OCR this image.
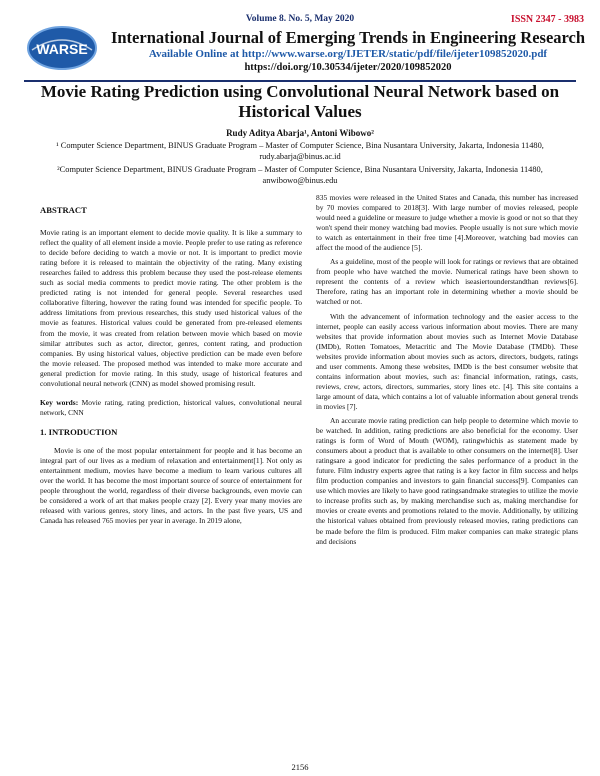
Volume 8. No. 5, May 2020	ISSN 2347 - 3983
WARSE
International Journal of Emerging Trends in Engineering Research
Available Online at http://www.warse.org/IJETER/static/pdf/file/ijeter109852020.pdf
https://doi.org/10.30534/ijeter/2020/109852020
Movie Rating Prediction using Convolutional Neural Network based on Historical Values
Rudy Aditya Abarja¹, Antoni Wibowo²
¹ Computer Science Department, BINUS Graduate Program – Master of Computer Science, Bina Nusantara University, Jakarta, Indonesia 11480, rudy.abarja@binus.ac.id
²Computer Science Department, BINUS Graduate Program – Master of Computer Science, Bina Nusantara University, Jakarta, Indonesia 11480, anwibowo@binus.edu
ABSTRACT

Movie rating is an important element to decide movie quality. It is like a summary to reflect the quality of all element inside a movie. People prefer to use rating as reference to decide before deciding to watch a movie or not. It is important to predict movie rating before it is released to maintain the objectivity of the rating. Many existing researches failed to address this problem because they used the post-release elements such as social media comments to predict movie rating. The other problem is the predicted rating is not intended for general people. Several researches used collaborative filtering, however the rating found was intended for specific people. To address limitations from previous researches, this study used historical values of the movie as features. Historical values could be generated from pre-released elements from the movie, it was created from relation between movie which based on movie similar attributes such as actor, director, genres, content rating, and production companies. By using historical values, objective prediction can be made even before the movie released. The proposed method was intended to make more accurate and general prediction for movie rating. In this study, usage of historical features and convolutional neural network (CNN) as model showed promising result.

Key words: Movie rating, rating prediction, historical values, convolutional neural network, CNN

1. INTRODUCTION

Movie is one of the most popular entertainment for people and it has become an integral part of our lives as a medium of relaxation and entertainment[1]. Not only as entertainment medium, movies have become a medium to learn various cultures all over the world. It has become the most important source of source of entertainment for people throughout the world, regardless of their diverse backgrounds, even movie can be considered a work of art that makes people crazy [2]. Every year many movies are released with various genres, story lines, and actors. In the past five years, US and Canada has released 765 movies per year in average. In 2019 alone,

835 movies were released in the United States and Canada, this number has increased by 70 movies compared to 2018[3]. With large number of movies released, people would need a guideline or measure to judge whether a movie is good or not so that they won't spend their money watching bad movies. People usually is not sure which movie to watch as entertainment in their free time [4].Moreover, watching bad movies can affect the mood of the audience [5].

As a guideline, most of the people will look for ratings or reviews that are obtained from people who have watched the movie. Numerical ratings have been shown to represent the contents of a review which iseasiertounderstandthan reviews[6]. Therefore, rating has an important role in determining whether a movie should be watched or not.

With the advancement of information technology and the easier access to the internet, people can easily access various information about movies. There are many websites that provide information about movies such as Internet Movie Database (IMDb), Rotten Tomatoes, Metacritic and The Movie Database (TMDb). These websites provide information about movies such as actors, directors, budgets, ratings and user comments. Among these websites, IMDb is the best consumer website that contains information about movies, such as: financial information, ratings, casts, reviews, crew, actors, directors, summaries, story lines etc. [4]. This site contains a large amount of data, which contains a lot of valuable information about general trends in movies [7].

An accurate movie rating prediction can help people to determine which movie to be watched. In addition, rating predictions are also beneficial for the economy. User ratings is form of Word of Mouth (WOM), ratingwhichis as statement made by consumers about a product that is available to other consumers on the internet[8]. User ratingsare a good indicator for predicting the sales performance of a product in the future. Film industry experts agree that rating is a key factor in film success and helps film production companies and investors to gain financial success[9]. Companies can use which movies are likely to have good ratingsandmake strategies to utilize the movie to increase profits such as, by making merchandise such as, making merchandise for movies or create events and promotions related to the movie. Additionally, by utilizing the historical values obtained from previously released movies, rating predictions can be made before the film is produced. Film maker companies can make strategic plans and decisions

2156
